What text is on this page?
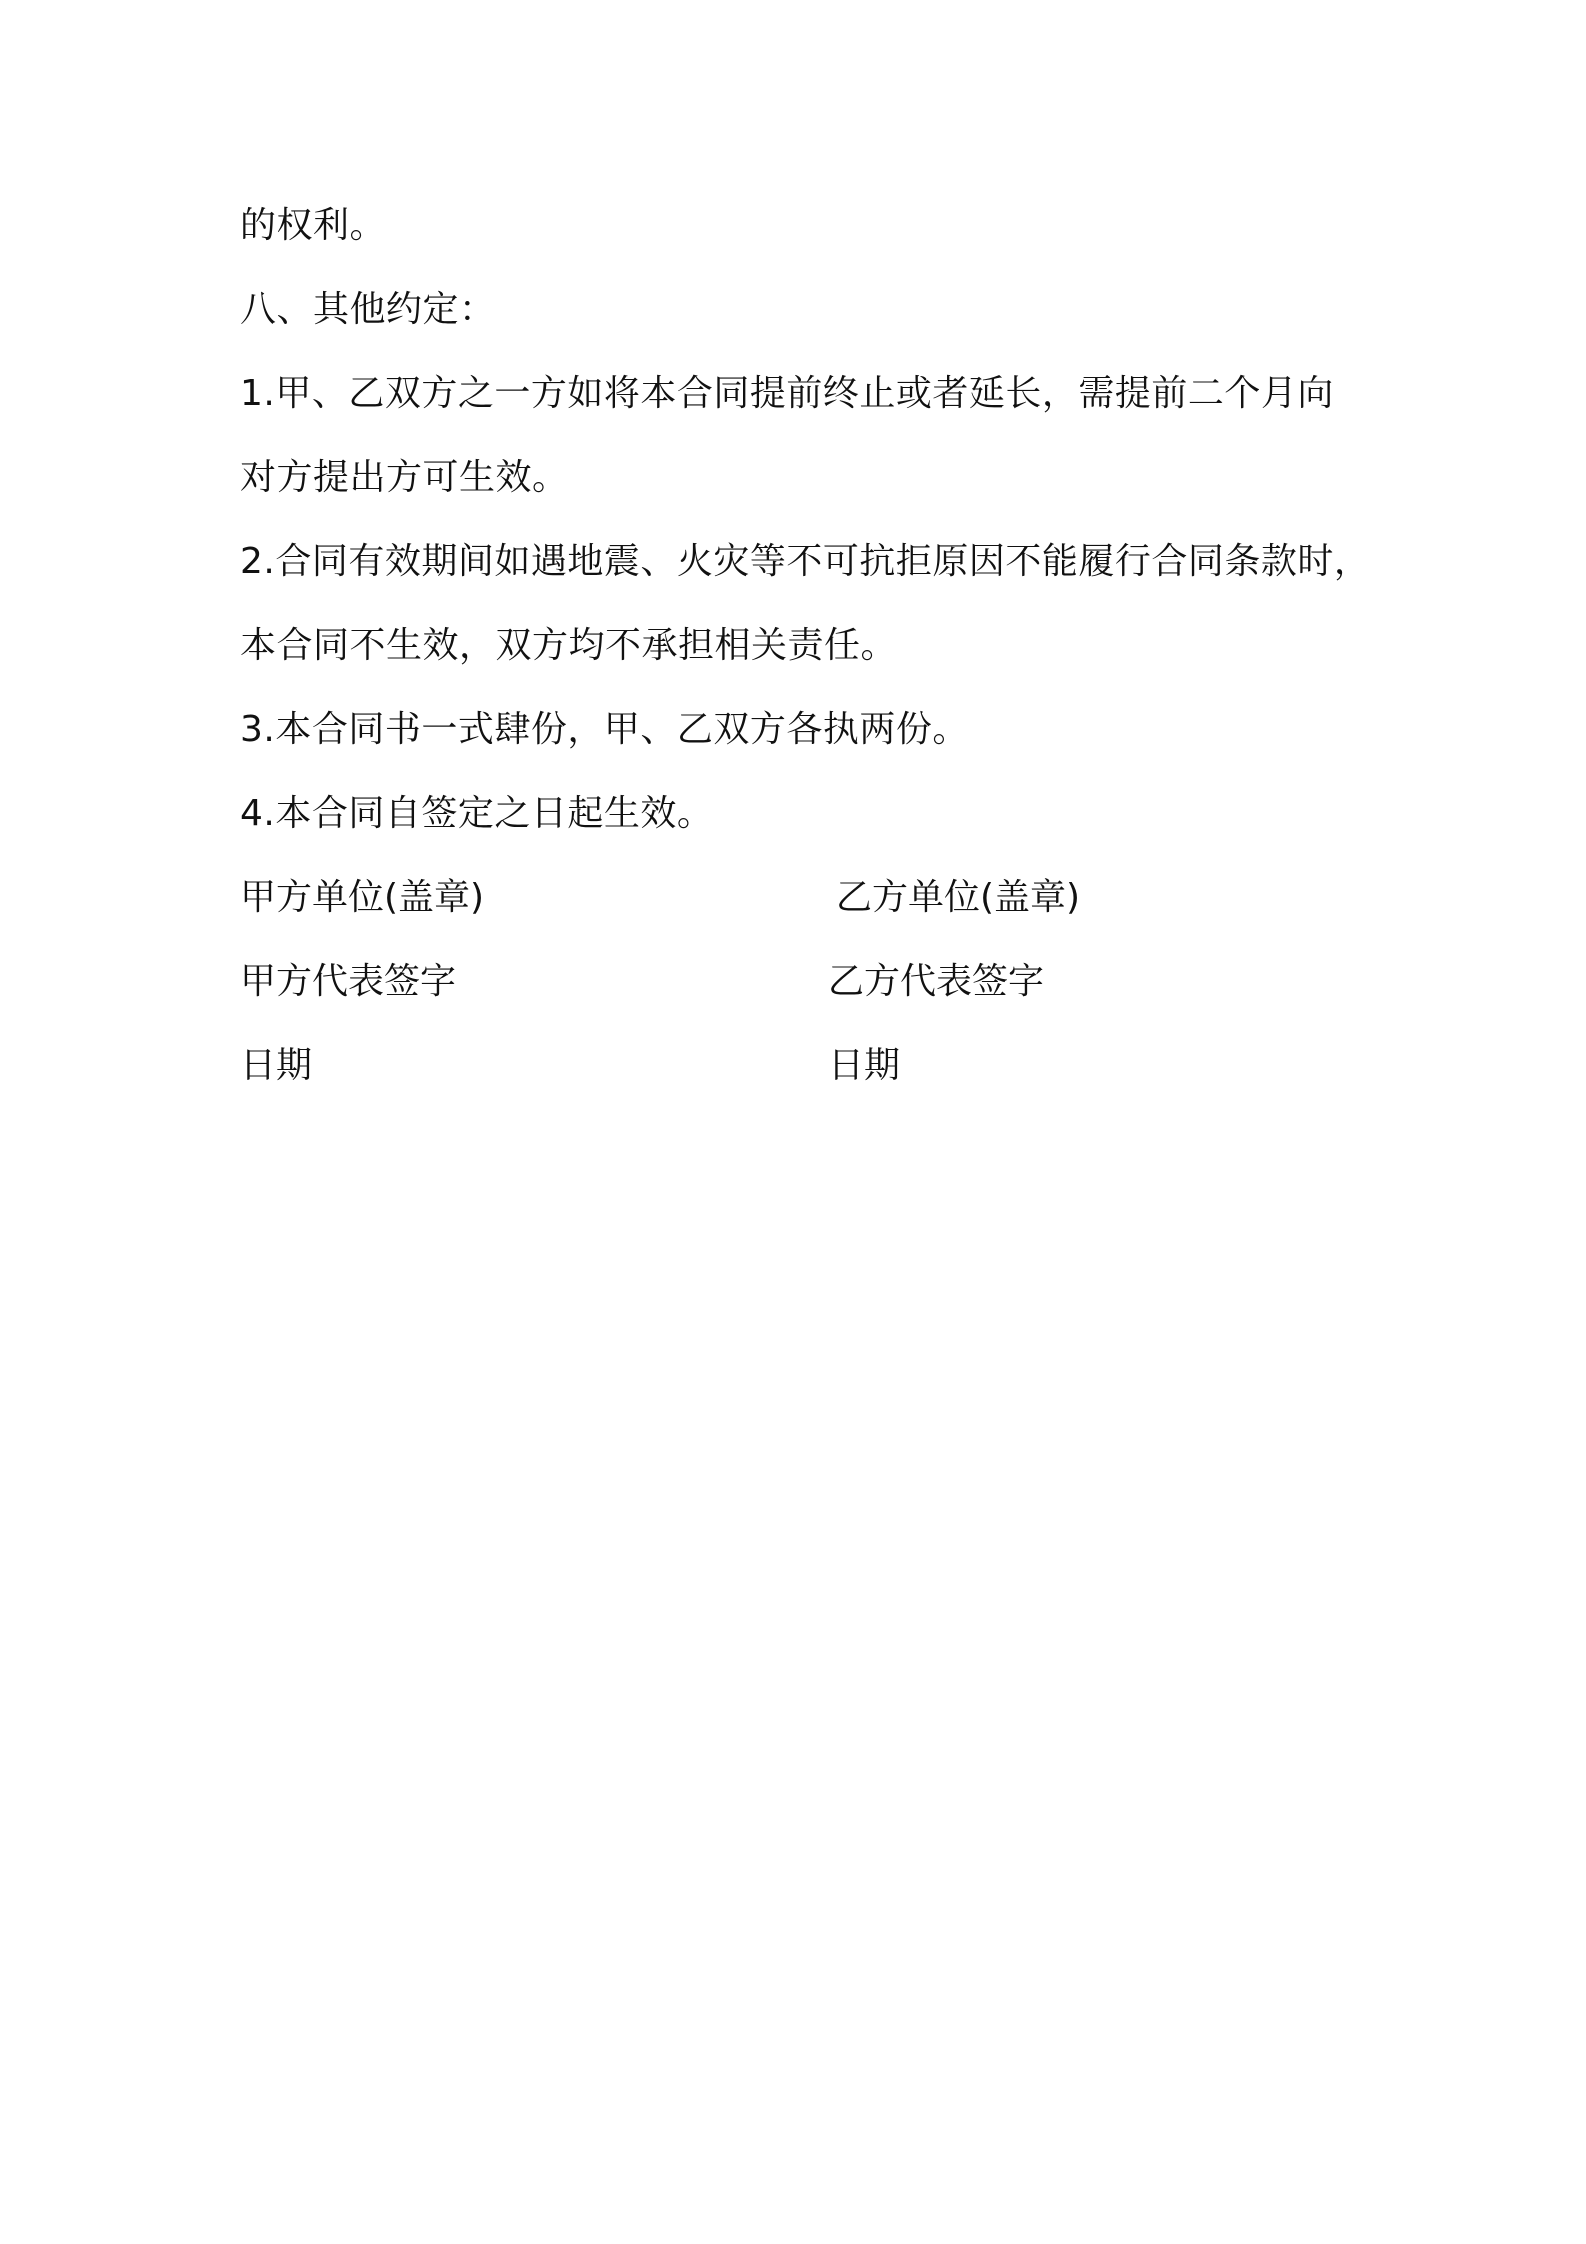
的权利。
八、其他约定：
1.甲、乙双方之一方如将本合同提前终止或者延长，需提前二个月向
对方提出方可生效。
2.合同有效期间如遇地震、火灾等不可抗拒原因不能履行合同条款时，
本合同不生效，双方均不承担相关责任。
3.本合同书一式肆份，甲、乙双方各执两份。
4.本合同自签定之日起生效。
甲方单位(盖章)	乙方单位(盖章)
甲方代表签字	乙方代表签字
日期	日期
